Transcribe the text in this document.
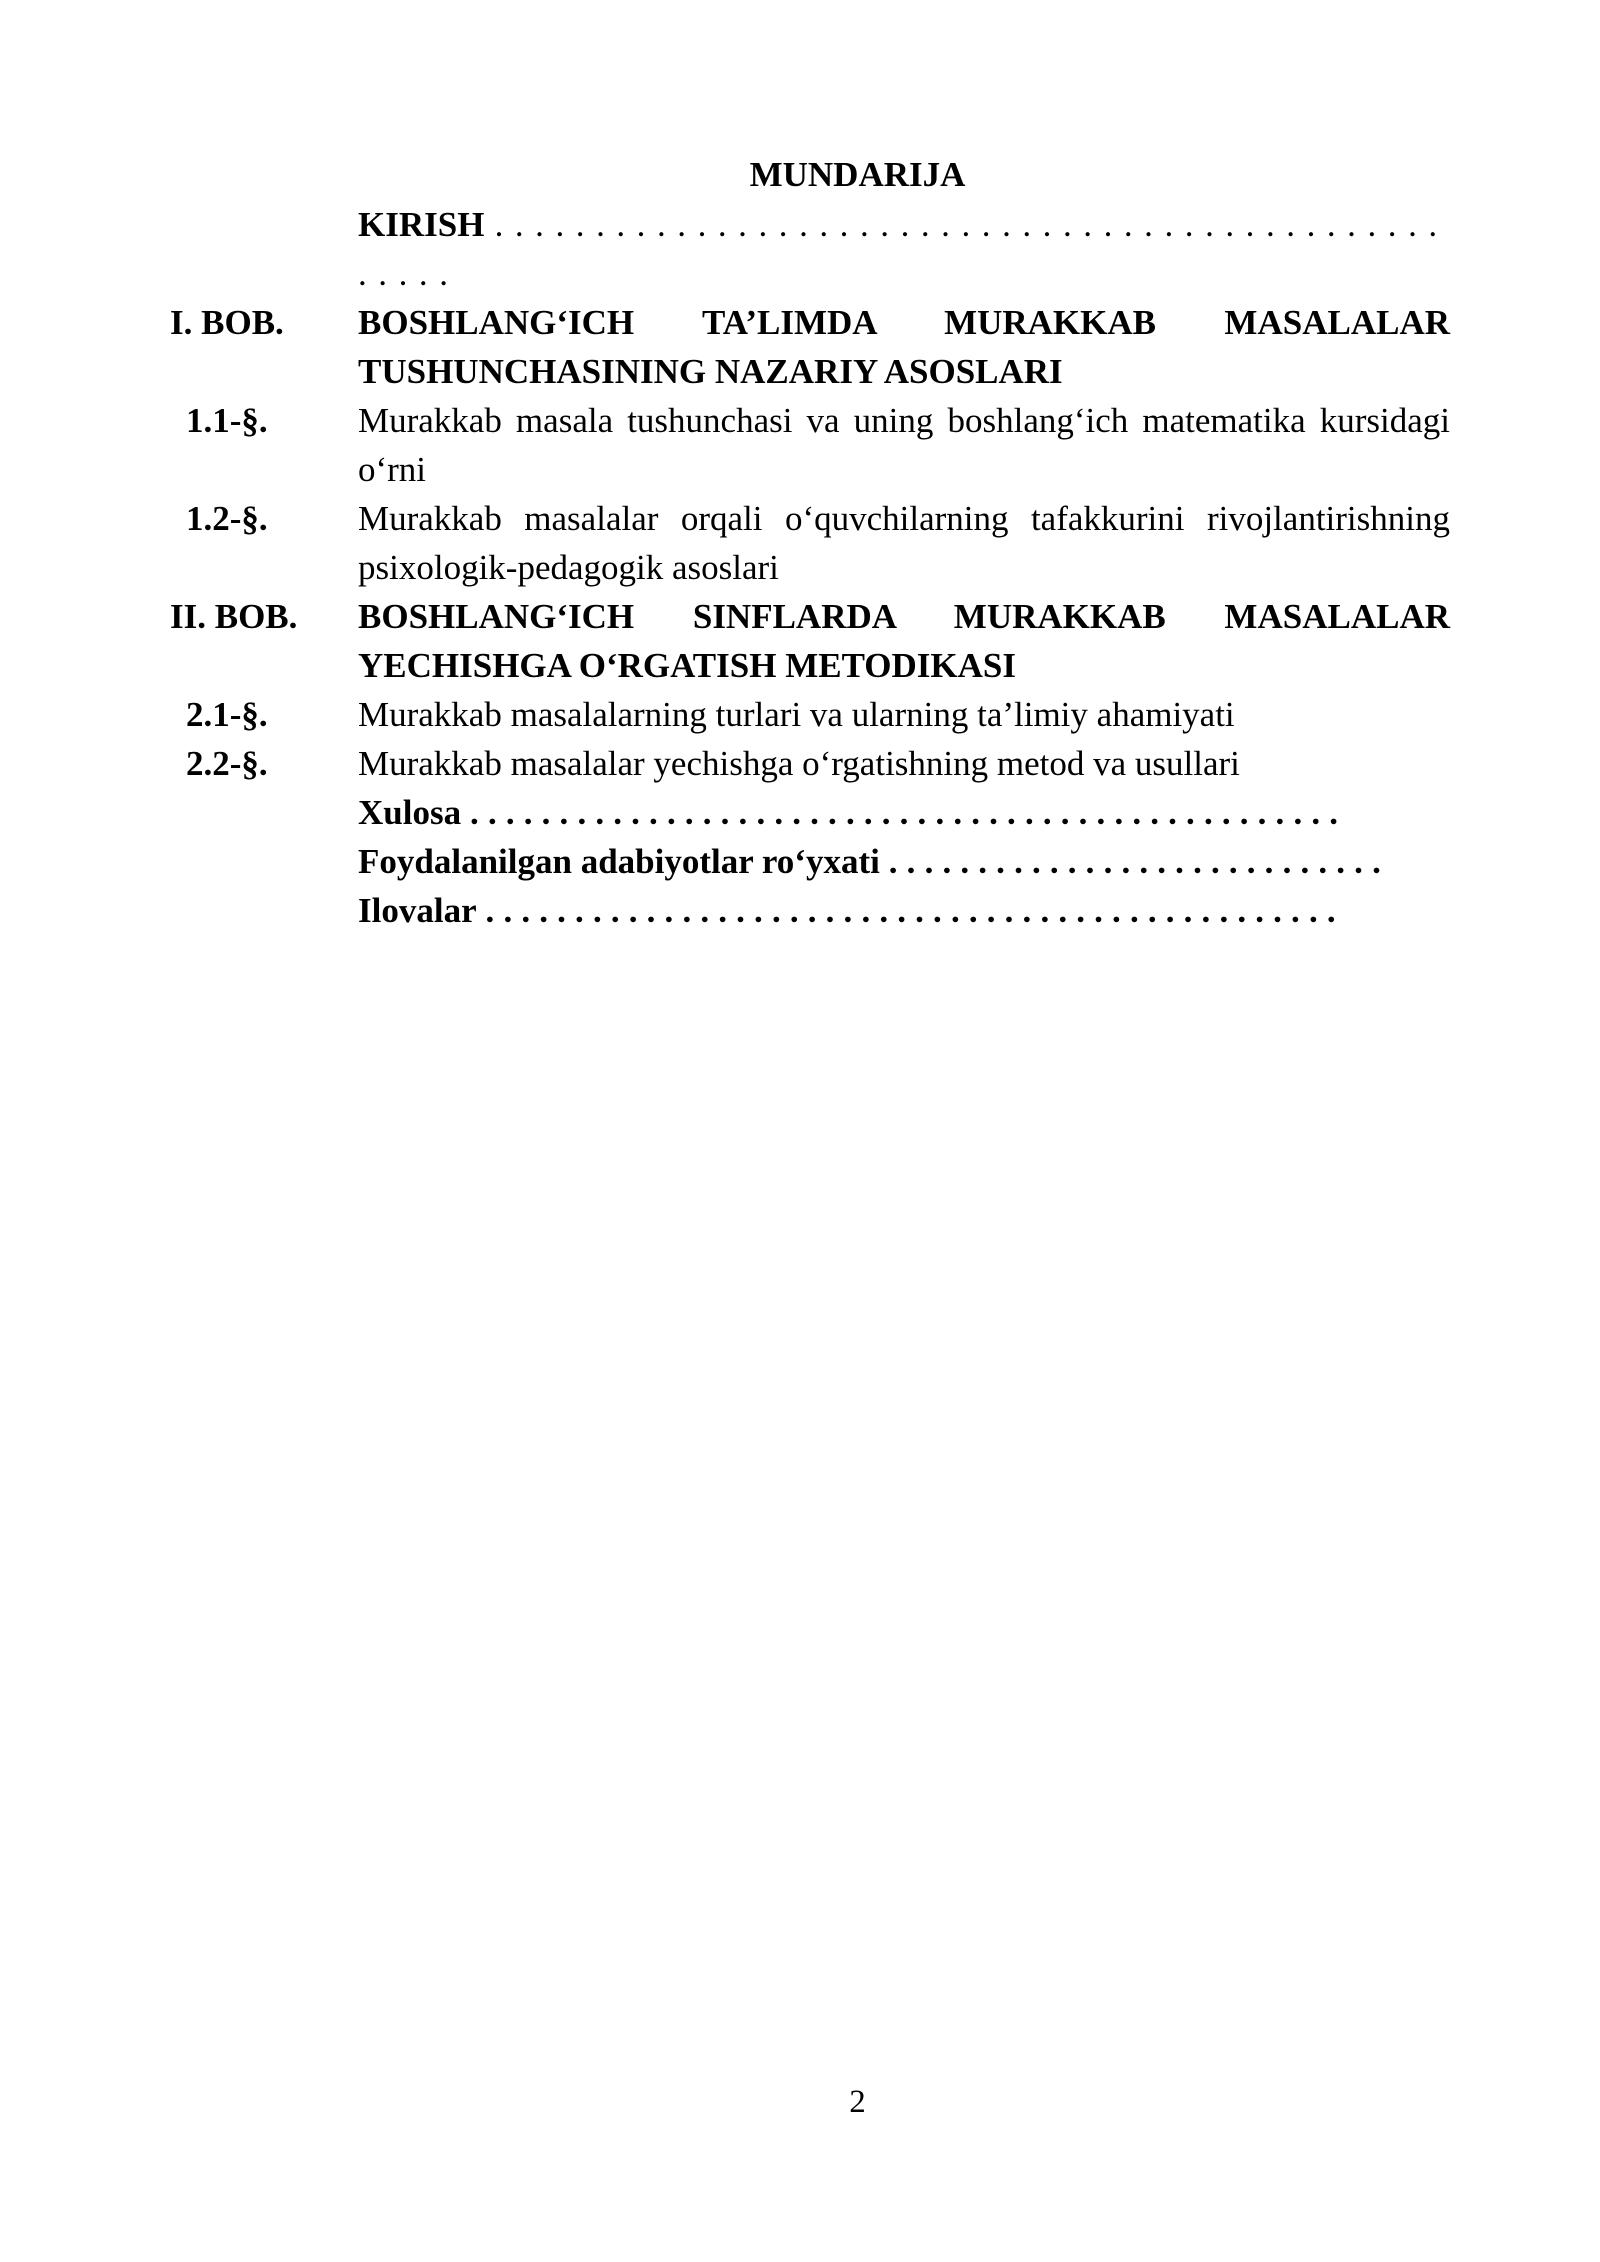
MUNDARIJA
KIRISH . . . . . . . . . . . . . . . . . . . . . . . . . . . . . . . . . . . . . . . . . . . . . . . . . . . .
I. BOB.	BOSHLANG‘ICH TA’LIMDA MURAKKAB MASALALAR TUSHUNCHASINING NAZARIY ASOSLARI
1.1-§.	Murakkab masala tushunchasi va uning boshlang‘ich matematika kursidagi o‘rni
1.2-§.	Murakkab masalalar orqali o‘quvchilarning tafakkurini rivojlantirishning psixologik-pedagogik asoslari
II. BOB.	BOSHLANG‘ICH SINFLARDA MURAKKAB MASALALAR YECHISHGA O‘RGATISH METODIKASI
2.1-§.	Murakkab masalalarning turlari va ularning ta’limiy ahamiyati
2.2-§.	Murakkab masalalar yechishga o‘rgatishning metod va usullari
Xulosa . . . . . . . . . . . . . . . . . . . . . . . . . . . . . . . . . . . . . . . . . . . . . . . . .
Foydalanilgan adabiyotlar ro‘yxati . . . . . . . . . . . . . . . . . . . . . . . . . . . .
Ilovalar . . . . . . . . . . . . . . . . . . . . . . . . . . . . . . . . . . . . . . . . . . . . . . . .
2
